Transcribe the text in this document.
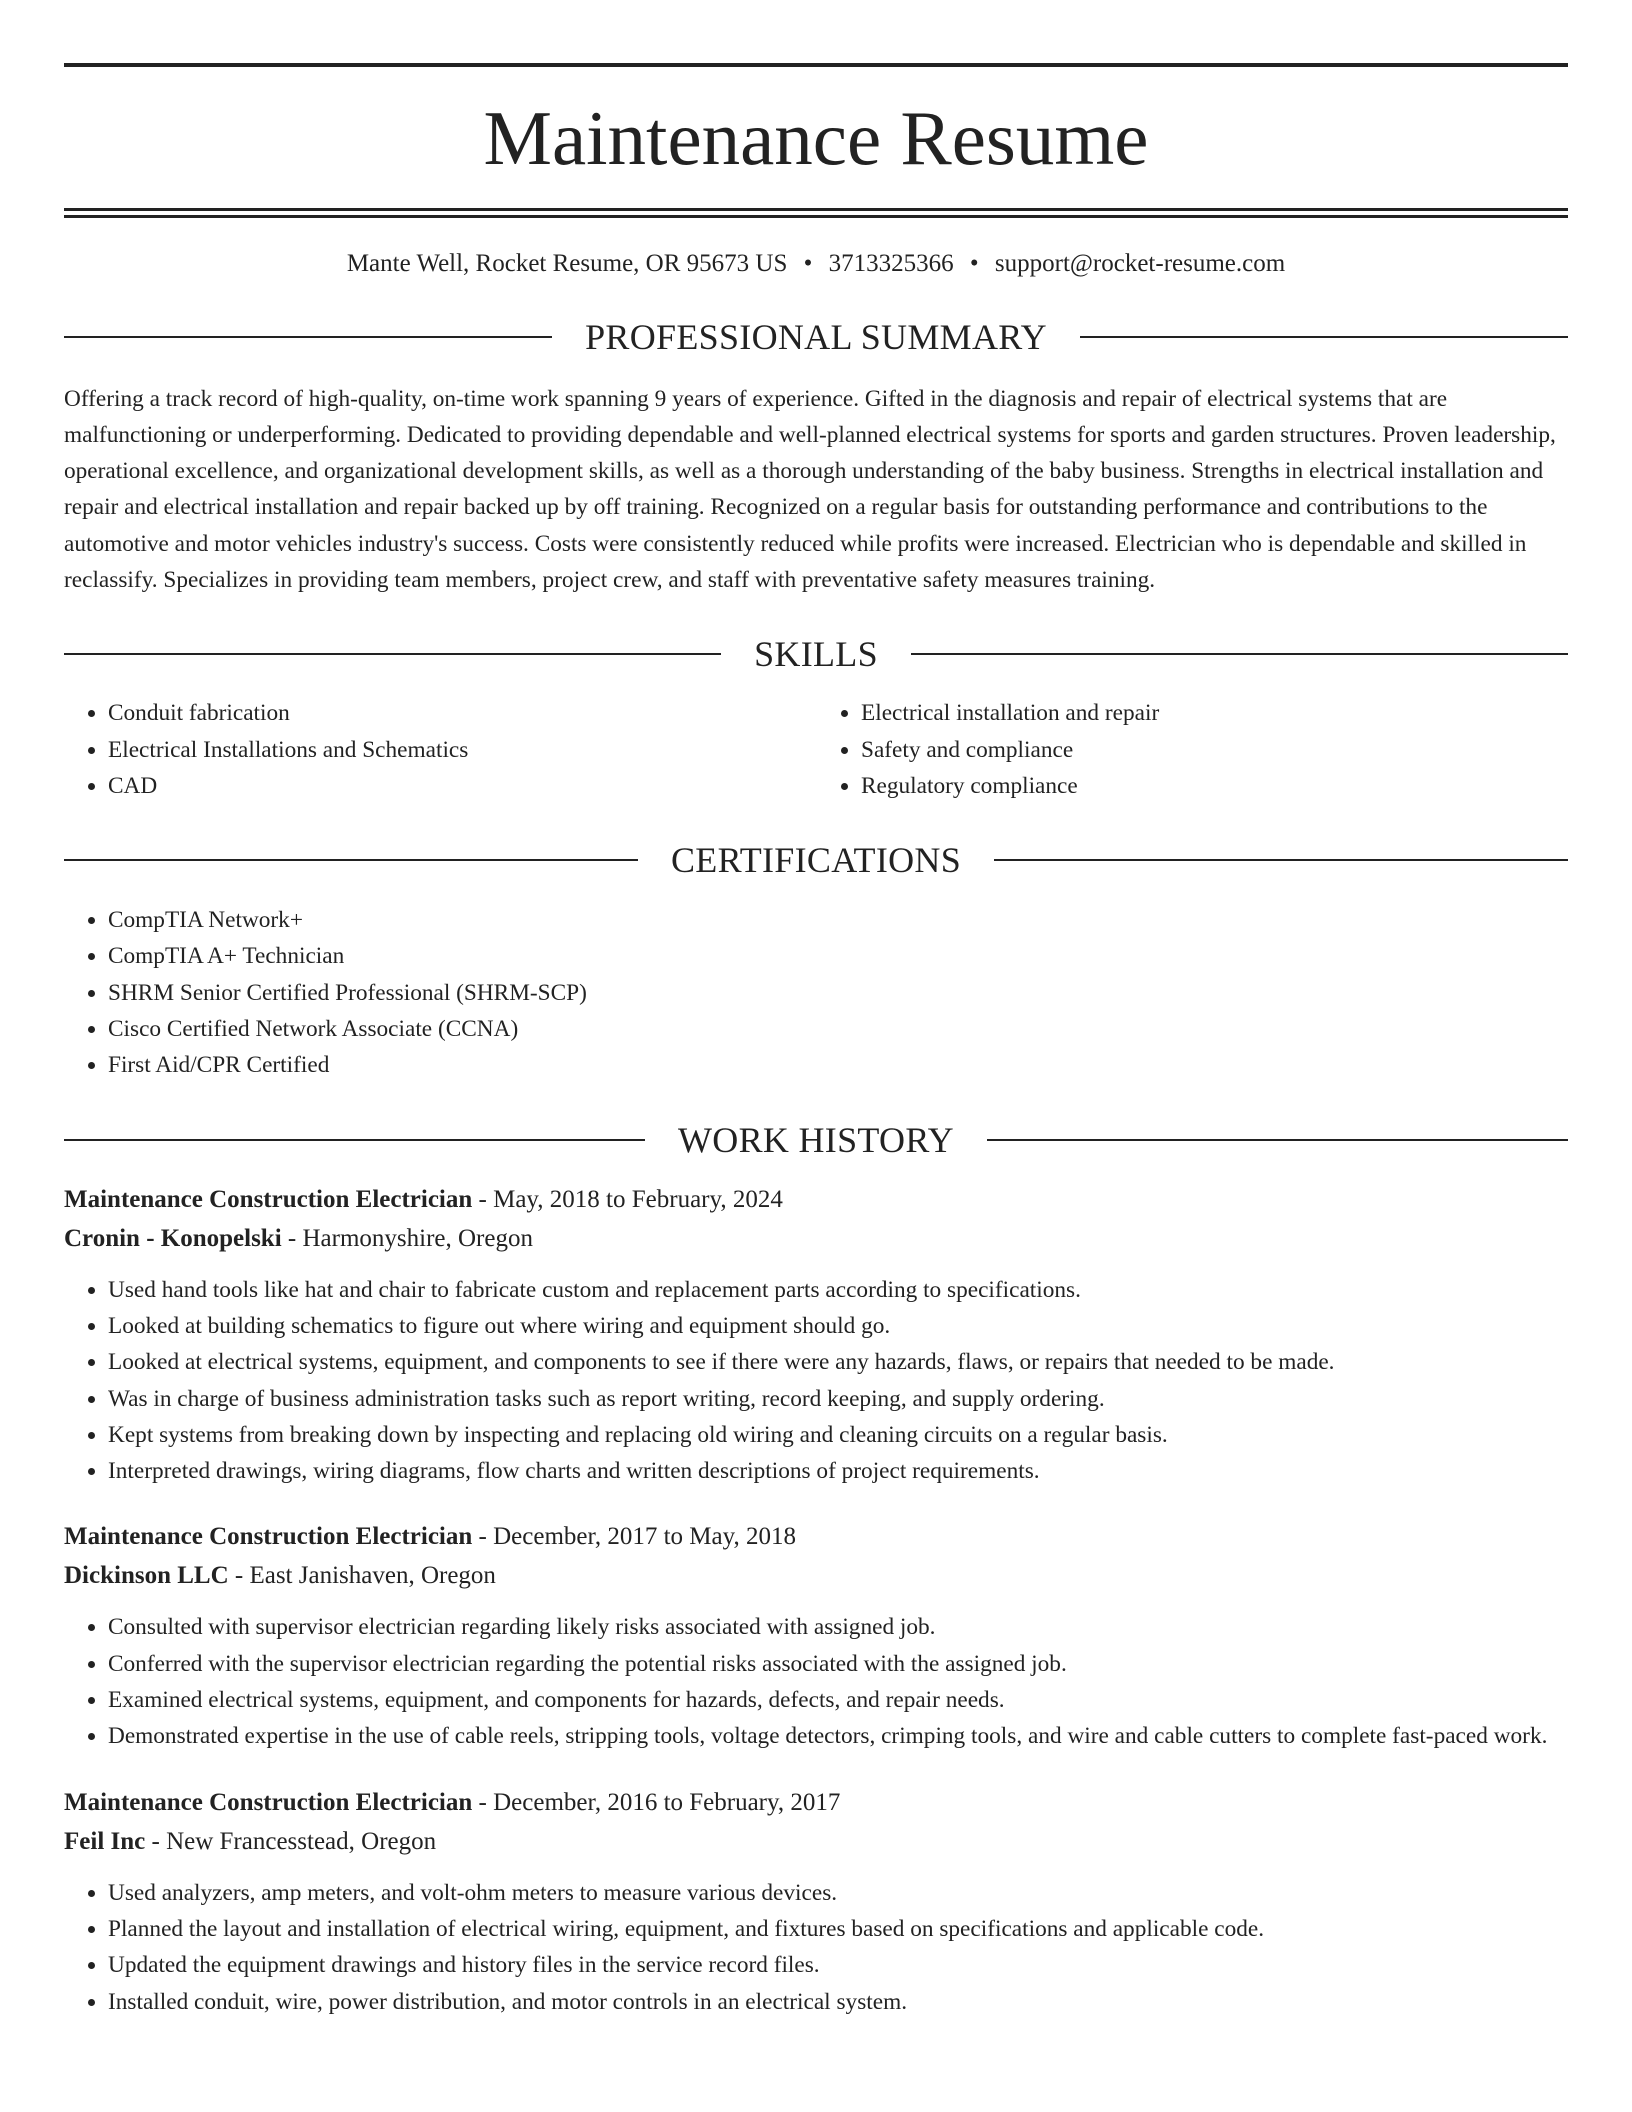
Maintenance Resume
Mante Well, Rocket Resume, OR 95673 US • 3713325366 • support@rocket-resume.com
PROFESSIONAL SUMMARY
Offering a track record of high-quality, on-time work spanning 9 years of experience. Gifted in the diagnosis and repair of electrical systems that are malfunctioning or underperforming. Dedicated to providing dependable and well-planned electrical systems for sports and garden structures. Proven leadership, operational excellence, and organizational development skills, as well as a thorough understanding of the baby business. Strengths in electrical installation and repair and electrical installation and repair backed up by off training. Recognized on a regular basis for outstanding performance and contributions to the automotive and motor vehicles industry's success. Costs were consistently reduced while profits were increased. Electrician who is dependable and skilled in reclassify. Specializes in providing team members, project crew, and staff with preventative safety measures training.
SKILLS
• Conduit fabrication
• Electrical Installations and Schematics
• CAD
• Electrical installation and repair
• Safety and compliance
• Regulatory compliance
CERTIFICATIONS
• CompTIA Network+
• CompTIA A+ Technician
• SHRM Senior Certified Professional (SHRM-SCP)
• Cisco Certified Network Associate (CCNA)
• First Aid/CPR Certified
WORK HISTORY
Maintenance Construction Electrician - May, 2018 to February, 2024
Cronin - Konopelski - Harmonyshire, Oregon
• Used hand tools like hat and chair to fabricate custom and replacement parts according to specifications.
• Looked at building schematics to figure out where wiring and equipment should go.
• Looked at electrical systems, equipment, and components to see if there were any hazards, flaws, or repairs that needed to be made.
• Was in charge of business administration tasks such as report writing, record keeping, and supply ordering.
• Kept systems from breaking down by inspecting and replacing old wiring and cleaning circuits on a regular basis.
• Interpreted drawings, wiring diagrams, flow charts and written descriptions of project requirements.
Maintenance Construction Electrician - December, 2017 to May, 2018
Dickinson LLC - East Janishaven, Oregon
• Consulted with supervisor electrician regarding likely risks associated with assigned job.
• Conferred with the supervisor electrician regarding the potential risks associated with the assigned job.
• Examined electrical systems, equipment, and components for hazards, defects, and repair needs.
• Demonstrated expertise in the use of cable reels, stripping tools, voltage detectors, crimping tools, and wire and cable cutters to complete fast-paced work.
Maintenance Construction Electrician - December, 2016 to February, 2017
Feil Inc - New Francesstead, Oregon
• Used analyzers, amp meters, and volt-ohm meters to measure various devices.
• Planned the layout and installation of electrical wiring, equipment, and fixtures based on specifications and applicable code.
• Updated the equipment drawings and history files in the service record files.
• Installed conduit, wire, power distribution, and motor controls in an electrical system.
